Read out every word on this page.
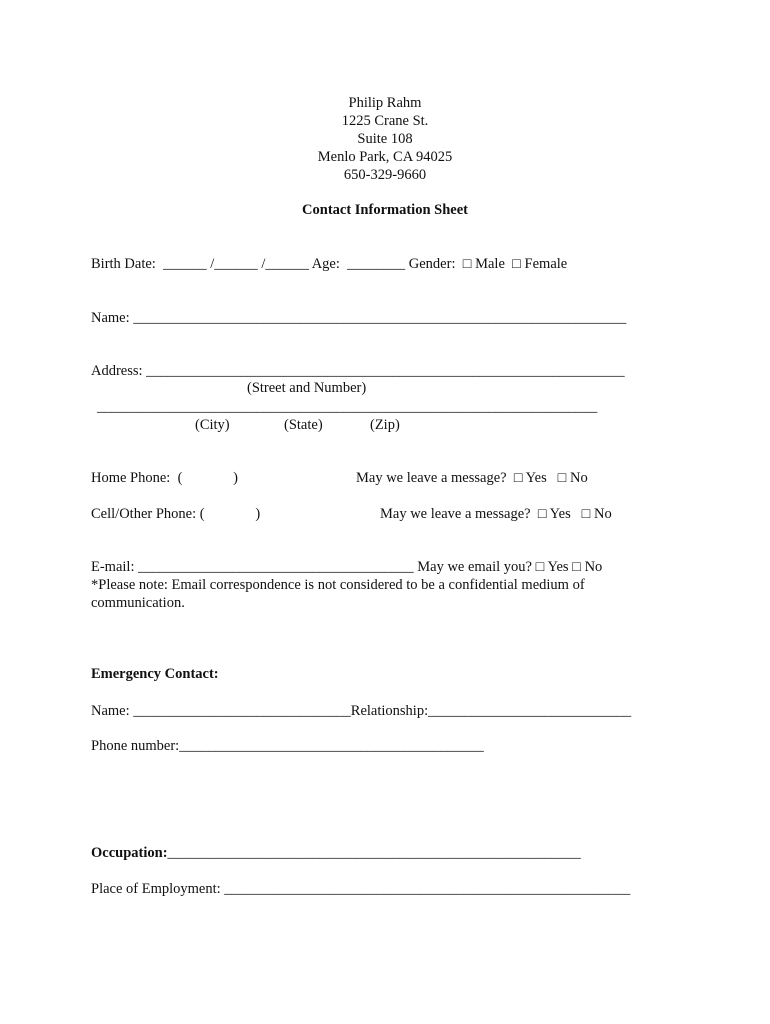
Philip Rahm
1225 Crane St.
Suite 108
Menlo Park, CA 94025
650-329-9660
Contact Information Sheet
Birth Date:  ______ /______ /______ Age:  ________ Gender:  □ Male  □ Female
Name: ____________________________________________________________________
Address: __________________________________________________________________
(Street and Number)
_____________________________________________________________________
(City)	(State)	(Zip)
Home Phone:  (              )	May we leave a message?  □ Yes   □ No
Cell/Other Phone: (              )	May we leave a message?  □ Yes   □ No
E-mail: ______________________________________ May we email you? □ Yes □ No
*Please note: Email correspondence is not considered to be a confidential medium of
communication.
Emergency Contact:
Name: ______________________________Relationship:____________________________
Phone number:__________________________________________
Occupation:_________________________________________________________
Place of Employment: ________________________________________________________
